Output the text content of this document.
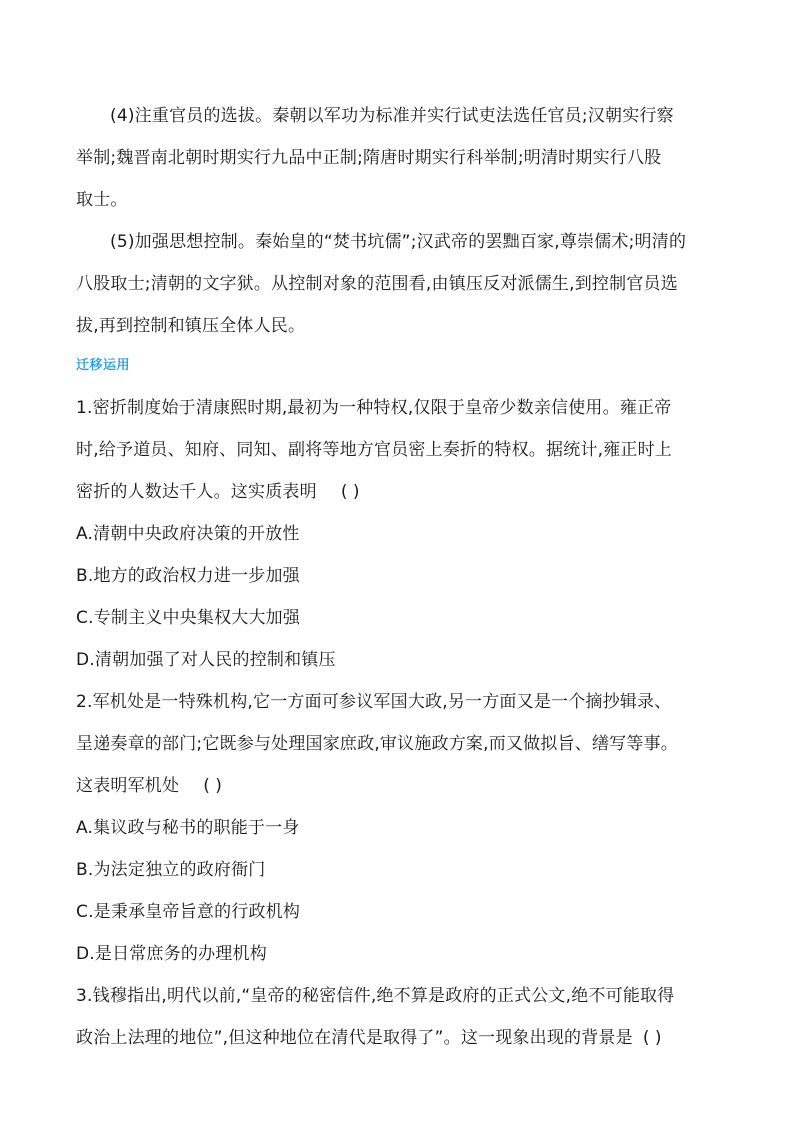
(4)注重官员的选拔。秦朝以军功为标准并实行试吏法选任官员;汉朝实行察
举制;魏晋南北朝时期实行九品中正制;隋唐时期实行科举制;明清时期实行八股
取士。
(5)加强思想控制。秦始皇的“焚书坑儒”;汉武帝的罢黜百家,尊崇儒术;明清的
八股取士;清朝的文字狱。从控制对象的范围看,由镇压反对派儒生,到控制官员选
拔,再到控制和镇压全体人民。
迁移运用
1.密折制度始于清康熙时期,最初为一种特权,仅限于皇帝少数亲信使用。雍正帝
时,给予道员、知府、同知、副将等地方官员密上奏折的特权。据统计,雍正时上
密折的人数达千人。这实质表明 ( )
A.清朝中央政府决策的开放性
B.地方的政治权力进一步加强
C.专制主义中央集权大大加强
D.清朝加强了对人民的控制和镇压
2.军机处是一特殊机构,它一方面可参议军国大政,另一方面又是一个摘抄辑录、
呈递奏章的部门;它既参与处理国家庶政,审议施政方案,而又做拟旨、缮写等事。
这表明军机处 ( )
A.集议政与秘书的职能于一身
B.为法定独立的政府衙门
C.是秉承皇帝旨意的行政机构
D.是日常庶务的办理机构
3.钱穆指出,明代以前,“皇帝的秘密信件,绝不算是政府的正式公文,绝不可能取得
政治上法理的地位”,但这种地位在清代是取得了”。这一现象出现的背景是 ( )
